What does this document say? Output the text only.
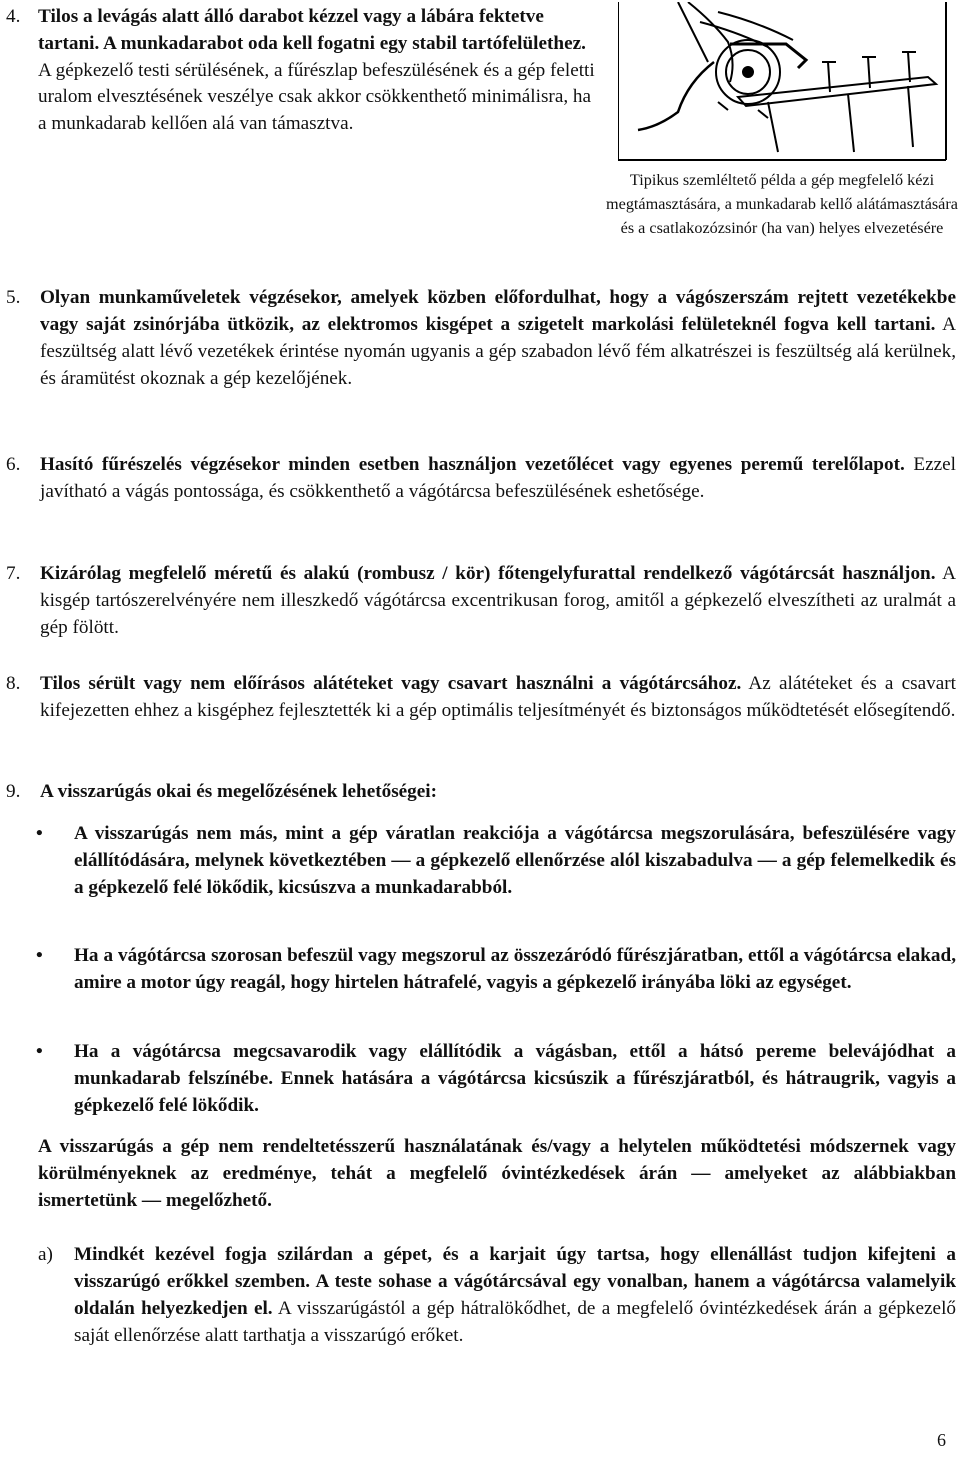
4. Tilos a levágás alatt álló darabot kézzel vagy a lábára fektetve tartani. A munkadarabot oda kell fogatni egy stabil tartófelülethez. A gépkezelő testi sérülésének, a fűrészlap befeszülésének és a gép feletti uralom elvesztésének veszélye csak akkor csökkenthető minimálisra, ha a munkadarab kellően alá van támasztva.
Tipikus szemléltető példa a gép megfelelő kézi megtámasztására, a munkadarab kellő alátámasztására és a csatlakozózsinór (ha van) helyes elvezetésére
5.	Olyan munkaműveletek végzésekor, amelyek közben előfordulhat, hogy a vágószerszám rejtett vezetékekbe vagy saját zsinórjába ütközik, az elektromos kisgépet a szigetelt markolási felületeknél fogva kell tartani. A feszültség alatt lévő vezetékek érintése nyomán ugyanis a gép szabadon lévő fém alkatrészei is feszültség alá kerülnek, és áramütést okoznak a gép kezelőjének.
6.	Hasító fűrészelés végzésekor minden esetben használjon vezetőlécet vagy egyenes peremű terelőlapot. Ezzel javítható a vágás pontossága, és csökkenthető a vágótárcsa befeszülésének eshetősége.
7.	Kizárólag megfelelő méretű és alakú (rombusz / kör) főtengelyfurattal rendelkező vágótárcsát használjon. A kisgép tartószerelvényére nem illeszkedő vágótárcsa excentrikusan forog, amitől a gépkezelő elveszítheti az uralmát a gép fölött.
8.	Tilos sérült vagy nem előírásos alátéteket vagy csavart használni a vágótárcsához. Az alátéteket és a csavart kifejezetten ehhez a kisgéphez fejlesztették ki a gép optimális teljesítményét és biztonságos működtetését elősegítendő.
9.	A visszarúgás okai és megelőzésének lehetőségei:
• A visszarúgás nem más, mint a gép váratlan reakciója a vágótárcsa megszorulására, befeszülésére vagy elállítódására, melynek következtében — a gépkezelő ellenőrzése alól kiszabadulva — a gép felemelkedik és a gépkezelő felé lökődik, kicsúszva a munkadarabból.
• Ha a vágótárcsa szorosan befeszül vagy megszorul az összezáródó fűrészjáratban, ettől a vágótárcsa elakad, amire a motor úgy reagál, hogy hirtelen hátrafelé, vagyis a gépkezelő irányába löki az egységet.
• Ha a vágótárcsa megcsavarodik vagy elállítódik a vágásban, ettől a hátsó pereme belevájódhat a munkadarab felszínébe. Ennek hatására a vágótárcsa kicsúszik a fűrészjáratból, és hátraugrik, vagyis a gépkezelő felé lökődik.
A visszarúgás a gép nem rendeltetésszerű használatának és/vagy a helytelen működtetési módszernek vagy körülményeknek az eredménye, tehát a megfelelő óvintézkedések árán — amelyeket az alábbiakban ismertetünk — megelőzhető.
a) Mindkét kezével fogja szilárdan a gépet, és a karjait úgy tartsa, hogy ellenállást tudjon kifejteni a visszarúgó erőkkel szemben. A teste sohase a vágótárcsával egy vonalban, hanem a vágótárcsa valamelyik oldalán helyezkedjen el. A visszarúgástól a gép hátralökődhet, de a megfelelő óvintézkedések árán a gépkezelő saját ellenőrzése alatt tarthatja a visszarúgó erőket.
6
